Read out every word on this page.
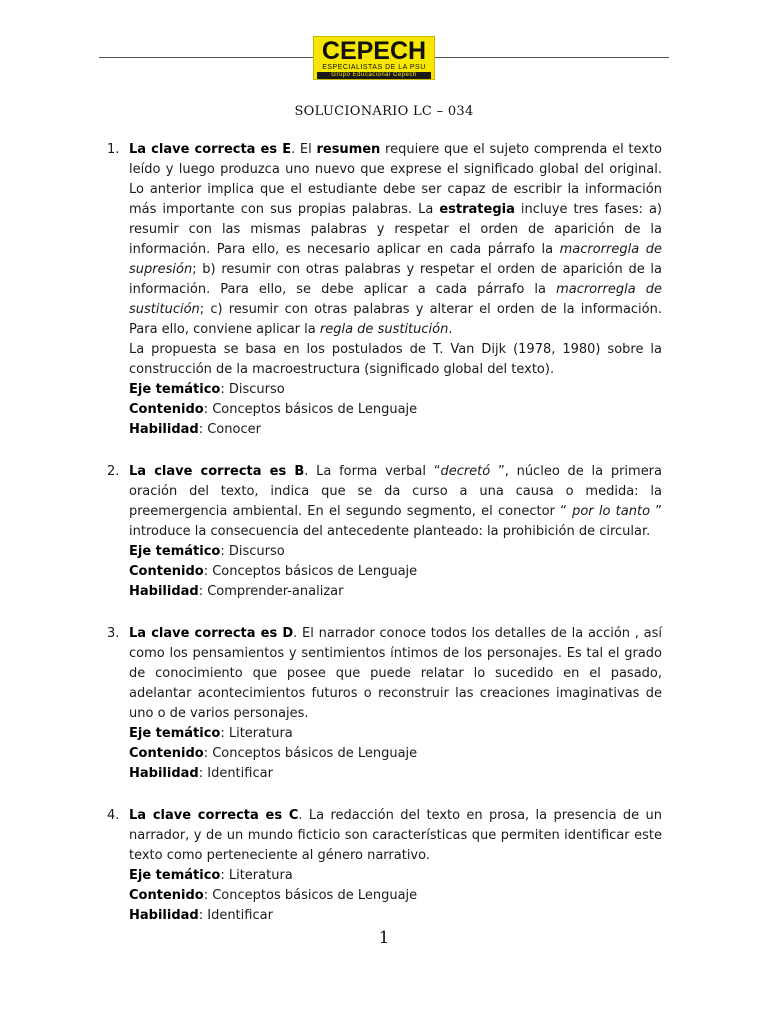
CEPECH
ESPECIALISTAS DE LA PSU
Grupo Educacional Cepech
SOLUCIONARIO LC – 034
1. La clave correcta es E. El resumen requiere que el sujeto comprenda el texto leído y luego produzca uno nuevo que exprese el significado global del original. Lo anterior implica que el estudiante debe ser capaz de escribir la información más importante con sus propias palabras. La estrategia incluye tres fases: a) resumir con las mismas palabras y respetar el orden de aparición de la información. Para ello, es necesario aplicar en cada párrafo la macrorregla de supresión; b) resumir con otras palabras y respetar el orden de aparición de la información. Para ello, se debe aplicar a cada párrafo la macrorregla de sustitución; c) resumir con otras palabras y alterar el orden de la información. Para ello, conviene aplicar la regla de sustitución.

La propuesta se basa en los postulados de T. Van Dijk (1978, 1980) sobre la construcción de la macroestructura (significado global del texto).

Eje temático: Discurso

Contenido: Conceptos básicos de Lenguaje

Habilidad: Conocer

2. La clave correcta es B. La forma verbal “decretó ”, núcleo de la primera oración del texto, indica que se da curso a una causa o medida: la preemergencia ambiental. En el segundo segmento, el conector “ por lo tanto ” introduce la consecuencia del antecedente planteado: la prohibición de circular.

Eje temático: Discurso

Contenido: Conceptos básicos de Lenguaje

Habilidad: Comprender-analizar

3. La clave correcta es D. El narrador conoce todos los detalles de la acción , así como los pensamientos y sentimientos íntimos de los personajes. Es tal el grado de conocimiento que posee que puede relatar lo sucedido en el pasado, adelantar acontecimientos futuros o reconstruir las creaciones imaginativas de uno o de varios personajes.

Eje temático: Literatura

Contenido: Conceptos básicos de Lenguaje

Habilidad: Identificar

4. La clave correcta es C. La redacción del texto en prosa, la presencia de un narrador, y de un mundo ficticio son características que permiten identificar este texto como perteneciente al género narrativo.

Eje temático: Literatura

Contenido: Conceptos básicos de Lenguaje

Habilidad: Identificar

1
